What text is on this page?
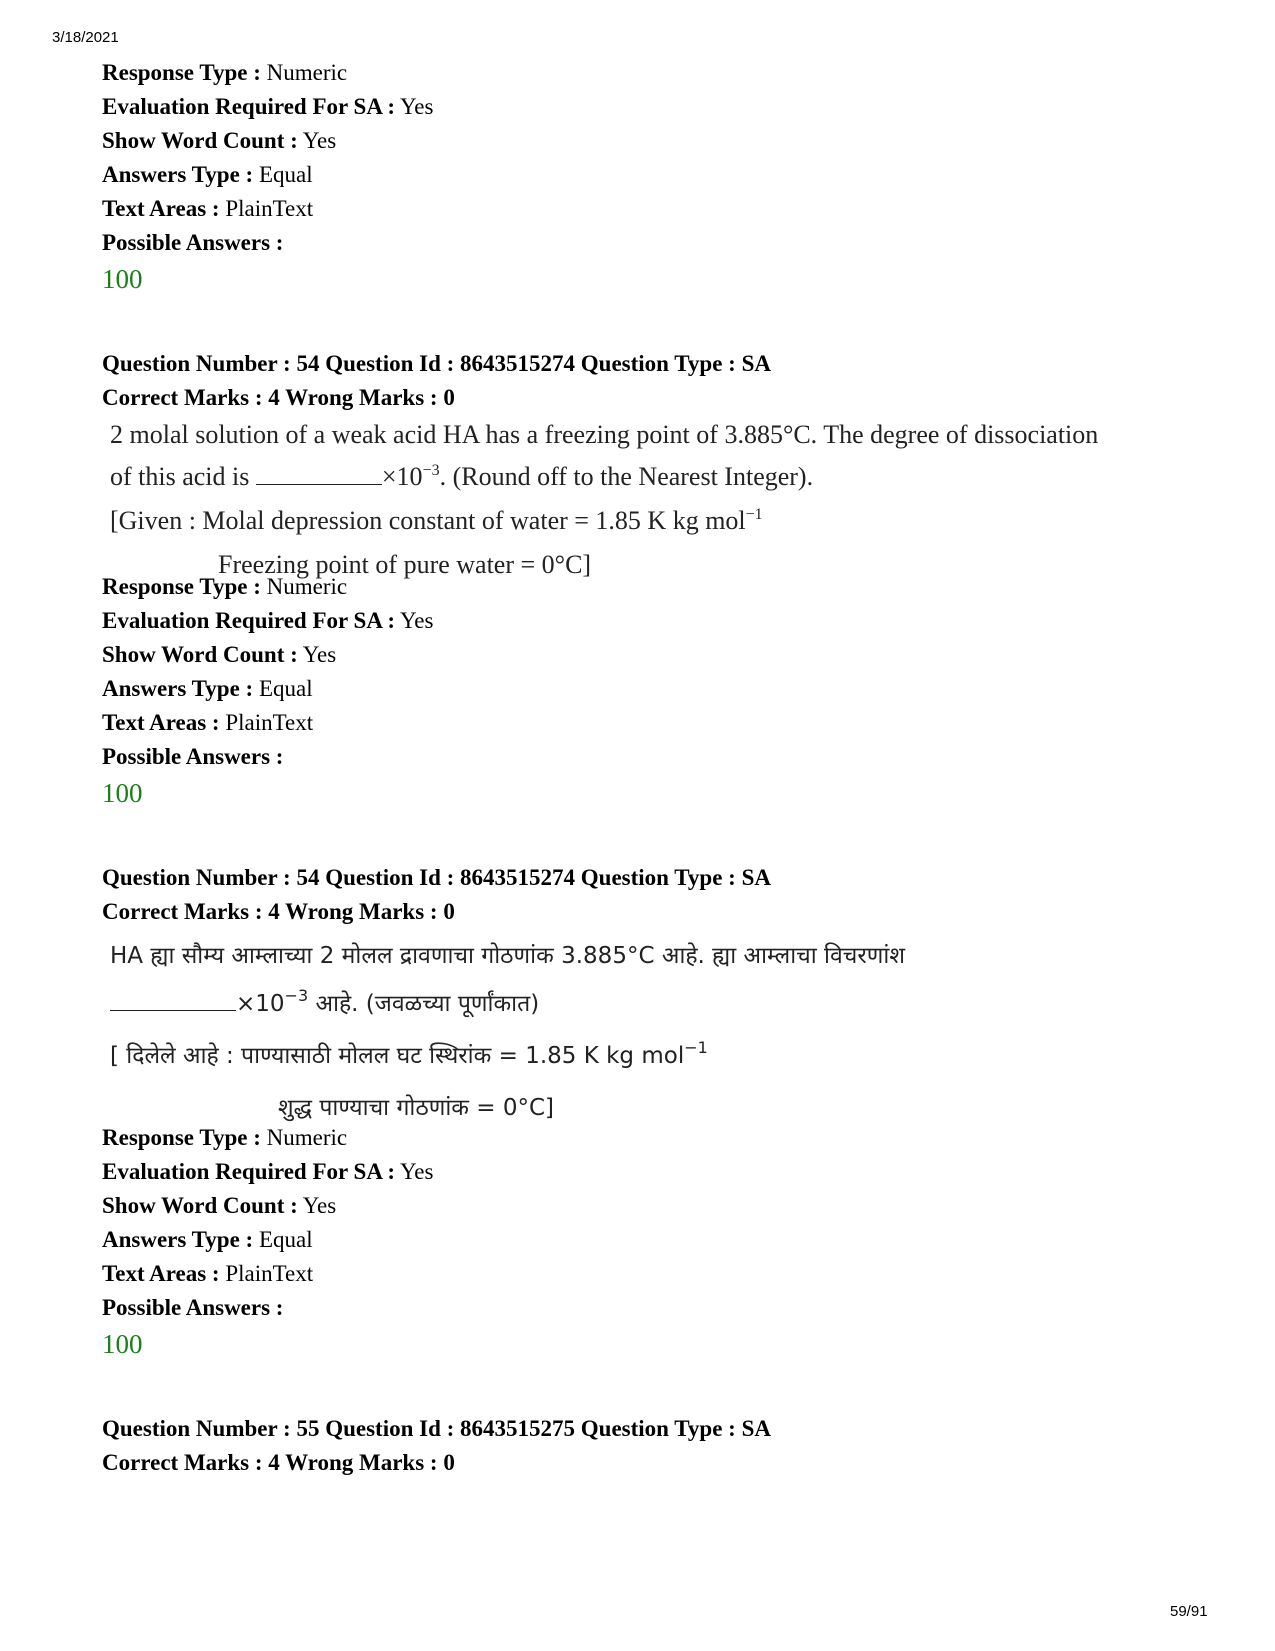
3/18/2021
Response Type : Numeric
Evaluation Required For SA : Yes
Show Word Count : Yes
Answers Type : Equal
Text Areas : PlainText
Possible Answers :
100
Question Number : 54 Question Id : 8643515274 Question Type : SA
Correct Marks : 4 Wrong Marks : 0
2 molal solution of a weak acid HA has a freezing point of 3.885°C. The degree of dissociation
of this acid is	$\times 10^{-3}$. (Round off to the Nearest Integer).
[Given : Molal depression constant of water = 1.85 K kg mol$^{-1}$
Freezing point of pure water = 0°C]
Response Type : Numeric
Evaluation Required For SA : Yes
Show Word Count : Yes
Answers Type : Equal
Text Areas : PlainText
Possible Answers :
100
Question Number : 54 Question Id : 8643515274 Question Type : SA
Correct Marks : 4 Wrong Marks : 0
HA ह्या सौम्य आम्लाच्या 2 मोलल द्रावणाचा गोठणांक 3.885°C आहे. ह्या आम्लाचा विचरणांश
$\times 10^{-3}$ आहे. (जवळच्या पूर्णांकात)
[ दिलेले आहे : पाण्यासाठी मोलल घट स्थिरांक = 1.85 K kg mol$^{-1}$
शुद्ध पाण्याचा गोठणांक = 0°C]
Response Type : Numeric
Evaluation Required For SA : Yes
Show Word Count : Yes
Answers Type : Equal
Text Areas : PlainText
Possible Answers :
100
Question Number : 55 Question Id : 8643515275 Question Type : SA
Correct Marks : 4 Wrong Marks : 0
59/91
